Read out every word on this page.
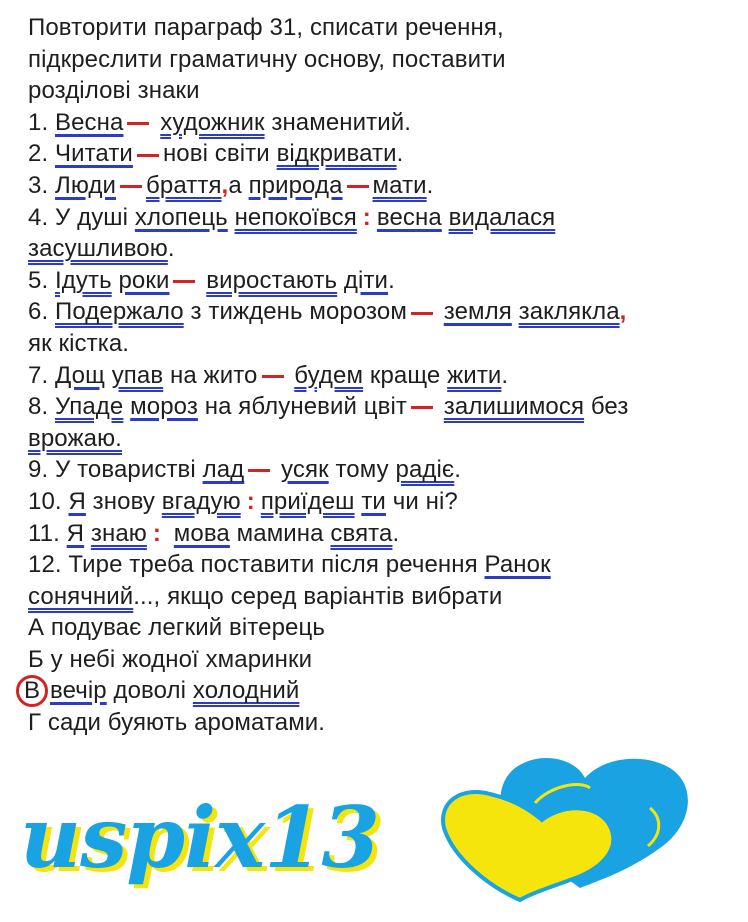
Повторити параграф 31, списати речення,
підкреслити граматичну основу, поставити
розділові знаки
1. Весна художник знаменитий.
2. Читати нові світи відкривати.
3. Люди браття,а природа мати.
4. У душі хлопець непокоївся : весна видалася
засушливою.
5. Ідуть роки виростають діти.
6. Подержало з тиждень морозом земля заклякла,
як кістка.
7. Дощ упав на жито будем краще жити.
8. Упаде мороз на яблуневий цвіт залишимося без
врожаю.
9. У товаристві лад усяк тому радіє.
10. Я знову вгадую : приїдеш ти чи ні?
11. Я знаю : мова мамина свята.
12. Тире треба поставити після речення Ранок
сонячний..., якщо серед варіантів вибрати
А подуває легкий вітерець
Б у небі жодної хмаринки
В вечір доволі холодний
Г сади буяють ароматами.
uspix13
